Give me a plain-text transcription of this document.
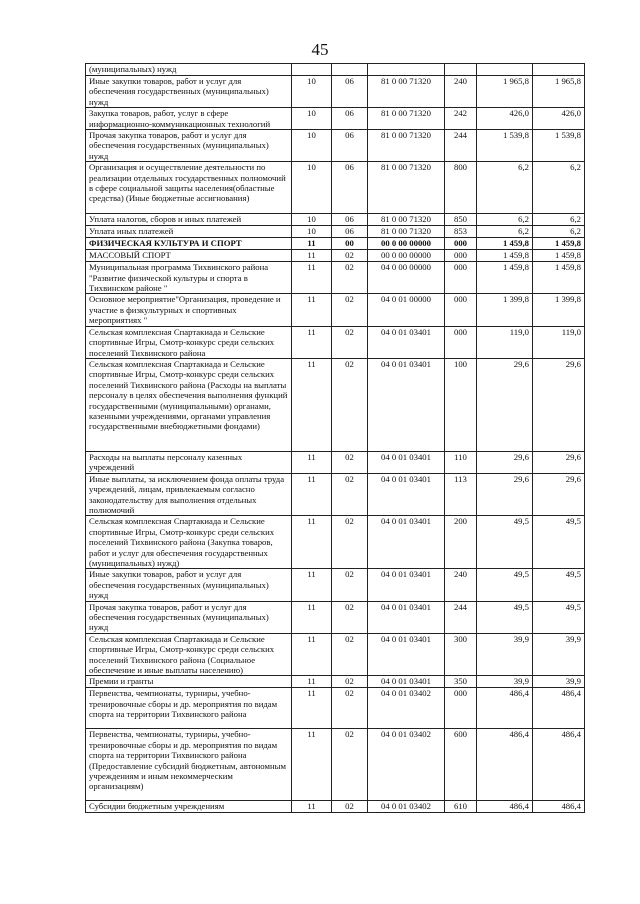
45
(муниципальных) нужд						
Иные закупки товаров, работ и услуг для обеспечения государственных (муниципальных) нужд	10	06	81 0 00 71320	240	1 965,8	1 965,8
Закупка товаров, работ, услуг в сфере информационно-коммуникационных технологий	10	06	81 0 00 71320	242	426,0	426,0
Прочая закупка товаров, работ и услуг для обеспечения государственных (муниципальных) нужд	10	06	81 0 00 71320	244	1 539,8	1 539,8
Организация и осуществление деятельности по реализации отдельных государственных полномочий в сфере социальной защиты населения(областные средства) (Иные бюджетные ассигнования)	10	06	81 0 00 71320	800	6,2	6,2
Уплата налогов, сборов и иных платежей	10	06	81 0 00 71320	850	6,2	6,2
Уплата иных платежей	10	06	81 0 00 71320	853	6,2	6,2
ФИЗИЧЕСКАЯ КУЛЬТУРА И СПОРТ	11	00	00 0 00 00000	000	1 459,8	1 459,8
МАССОВЫЙ СПОРТ	11	02	00 0 00 00000	000	1 459,8	1 459,8
Муниципальная программа Тихвинского района "Развитие физической культуры и спорта в Тихвинском районе "	11	02	04 0 00 00000	000	1 459,8	1 459,8
Основное мероприятие"Организация, проведение и участие в физкультурных и спортивных мероприятиях "	11	02	04 0 01 00000	000	1 399,8	1 399,8
Сельская комплексная Спартакиада и Сельские спортивные Игры, Смотр-конкурс среди сельских поселений Тихвинского района	11	02	04 0 01 03401	000	119,0	119,0
Сельская комплексная Спартакиада и Сельские спортивные Игры, Смотр-конкурс среди сельских поселений Тихвинского района (Расходы на выплаты персоналу в целях обеспечения выполнения функций государственными (муниципальными) органами, казенными учреждениями, органами управления государственными внебюджетными фондами)	11	02	04 0 01 03401	100	29,6	29,6
Расходы на выплаты персоналу казенных учреждений	11	02	04 0 01 03401	110	29,6	29,6
Иные выплаты, за исключением фонда оплаты труда учреждений, лицам, привлекаемым согласно законодательству для выполнения отдельных полномочий	11	02	04 0 01 03401	113	29,6	29,6
Сельская комплексная Спартакиада и Сельские спортивные Игры, Смотр-конкурс среди сельских поселений Тихвинского района (Закупка товаров, работ и услуг для обеспечения государственных (муниципальных) нужд)	11	02	04 0 01 03401	200	49,5	49,5
Иные закупки товаров, работ и услуг для обеспечения государственных (муниципальных) нужд	11	02	04 0 01 03401	240	49,5	49,5
Прочая закупка товаров, работ и услуг для обеспечения государственных (муниципальных) нужд	11	02	04 0 01 03401	244	49,5	49,5
Сельская комплексная Спартакиада и Сельские спортивные Игры, Смотр-конкурс среди сельских поселений Тихвинского района (Социальное обеспечение и иные выплаты населению)	11	02	04 0 01 03401	300	39,9	39,9
Премии и гранты	11	02	04 0 01 03401	350	39,9	39,9
Первенства, чемпионаты, турниры, учебно-тренировочные сборы и др. мероприятия по видам спорта на территории Тихвинского района	11	02	04 0 01 03402	000	486,4	486,4
Первенства, чемпионаты, турниры, учебно-тренировочные сборы и др. мероприятия по видам спорта на территории Тихвинского района (Предоставление субсидий бюджетным, автономным учреждениям и иным некоммерческим организациям)	11	02	04 0 01 03402	600	486,4	486,4
Субсидии бюджетным учреждениям	11	02	04 0 01 03402	610	486,4	486,4
